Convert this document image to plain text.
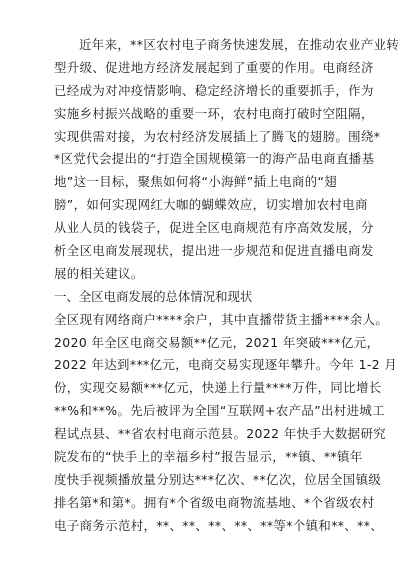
近年来，**区农村电子商务快速发展，在推动农业产业转
型升级、促进地方经济发展起到了重要的作用。电商经济
已经成为对冲疫情影响、稳定经济增长的重要抓手，作为
实施乡村振兴战略的重要一环，农村电商打破时空阻隔，
实现供需对接，为农村经济发展插上了腾飞的翅膀。围绕*
*区党代会提出的“打造全国规模第一的海产品电商直播基
地”这一目标，聚焦如何将“小海鲜”插上电商的“翅
膀”，如何实现网红大咖的蝴蝶效应，切实增加农村电商
从业人员的钱袋子，促进全区电商规范有序高效发展，分
析全区电商发展现状，提出进一步规范和促进直播电商发
展的相关建议。
一、全区电商发展的总体情况和现状
全区现有网络商户****余户，其中直播带货主播****余人。
2020 年全区电商交易额**亿元，2021 年突破***亿元，
2022 年达到***亿元，电商交易实现逐年攀升。今年 1-2 月
份，实现交易额***亿元，快递上行量****万件，同比增长
**%和**%。先后被评为全国“互联网+农产品”出村进城工
程试点县、**省农村电商示范县。2022 年快手大数据研究
院发布的“快手上的幸福乡村”报告显示，**镇、**镇年
度快手视频播放量分别达***亿次、**亿次，位居全国镇级
排名第*和第*。拥有*个省级电商物流基地、*个省级农村
电子商务示范村，**、**、**、**、**等*个镇和**、**、
